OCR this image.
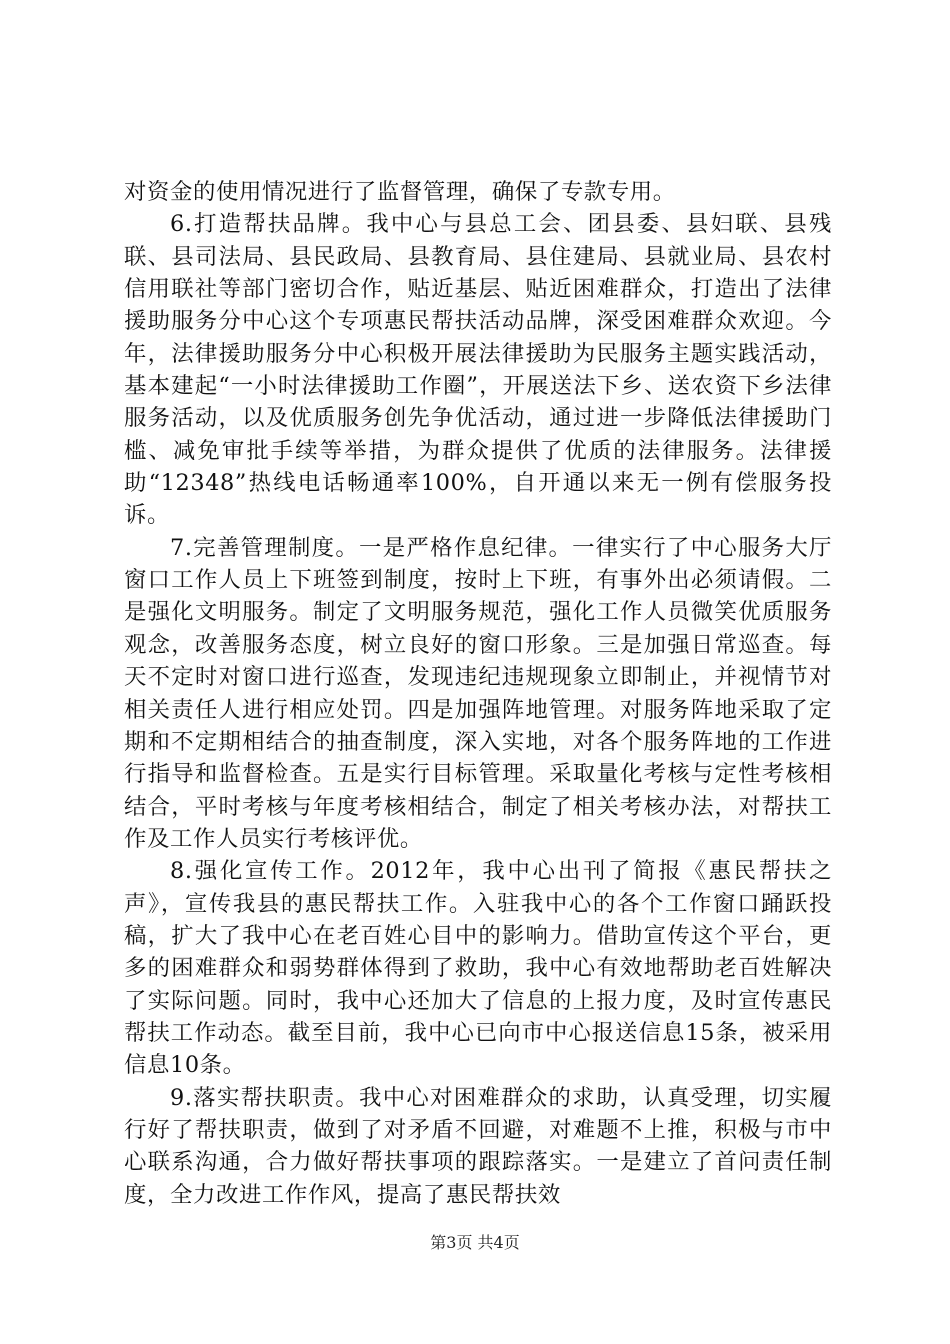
对资金的使用情况进行了监督管理，确保了专款专用。

6.打造帮扶品牌。我中心与县总工会、团县委、县妇联、县残联、县司法局、县民政局、县教育局、县住建局、县就业局、县农村信用联社等部门密切合作，贴近基层、贴近困难群众，打造出了法律援助服务分中心这个专项惠民帮扶活动品牌，深受困难群众欢迎。今年，法律援助服务分中心积极开展法律援助为民服务主题实践活动，基本建起“一小时法律援助工作圈”，开展送法下乡、送农资下乡法律服务活动，以及优质服务创先争优活动，通过进一步降低法律援助门槛、减免审批手续等举措，为群众提供了优质的法律服务。法律援助“12348”热线电话畅通率100%，自开通以来无一例有偿服务投诉。

7.完善管理制度。一是严格作息纪律。一律实行了中心服务大厅窗口工作人员上下班签到制度，按时上下班，有事外出必须请假。二是强化文明服务。制定了文明服务规范，强化工作人员微笑优质服务观念，改善服务态度，树立良好的窗口形象。三是加强日常巡查。每天不定时对窗口进行巡查，发现违纪违规现象立即制止，并视情节对相关责任人进行相应处罚。四是加强阵地管理。对服务阵地采取了定期和不定期相结合的抽查制度，深入实地，对各个服务阵地的工作进行指导和监督检查。五是实行目标管理。采取量化考核与定性考核相结合，平时考核与年度考核相结合，制定了相关考核办法，对帮扶工作及工作人员实行考核评优。

8.强化宣传工作。2012年，我中心出刊了简报《惠民帮扶之声》，宣传我县的惠民帮扶工作。入驻我中心的各个工作窗口踊跃投稿，扩大了我中心在老百姓心目中的影响力。借助宣传这个平台，更多的困难群众和弱势群体得到了救助，我中心有效地帮助老百姓解决了实际问题。同时，我中心还加大了信息的上报力度，及时宣传惠民帮扶工作动态。截至目前，我中心已向市中心报送信息15条，被采用信息10条。

9.落实帮扶职责。我中心对困难群众的求助，认真受理，切实履行好了帮扶职责，做到了对矛盾不回避，对难题不上推，积极与市中心联系沟通，合力做好帮扶事项的跟踪落实。一是建立了首问责任制度，全力改进工作作风，提高了惠民帮扶效

第3页 共4页
